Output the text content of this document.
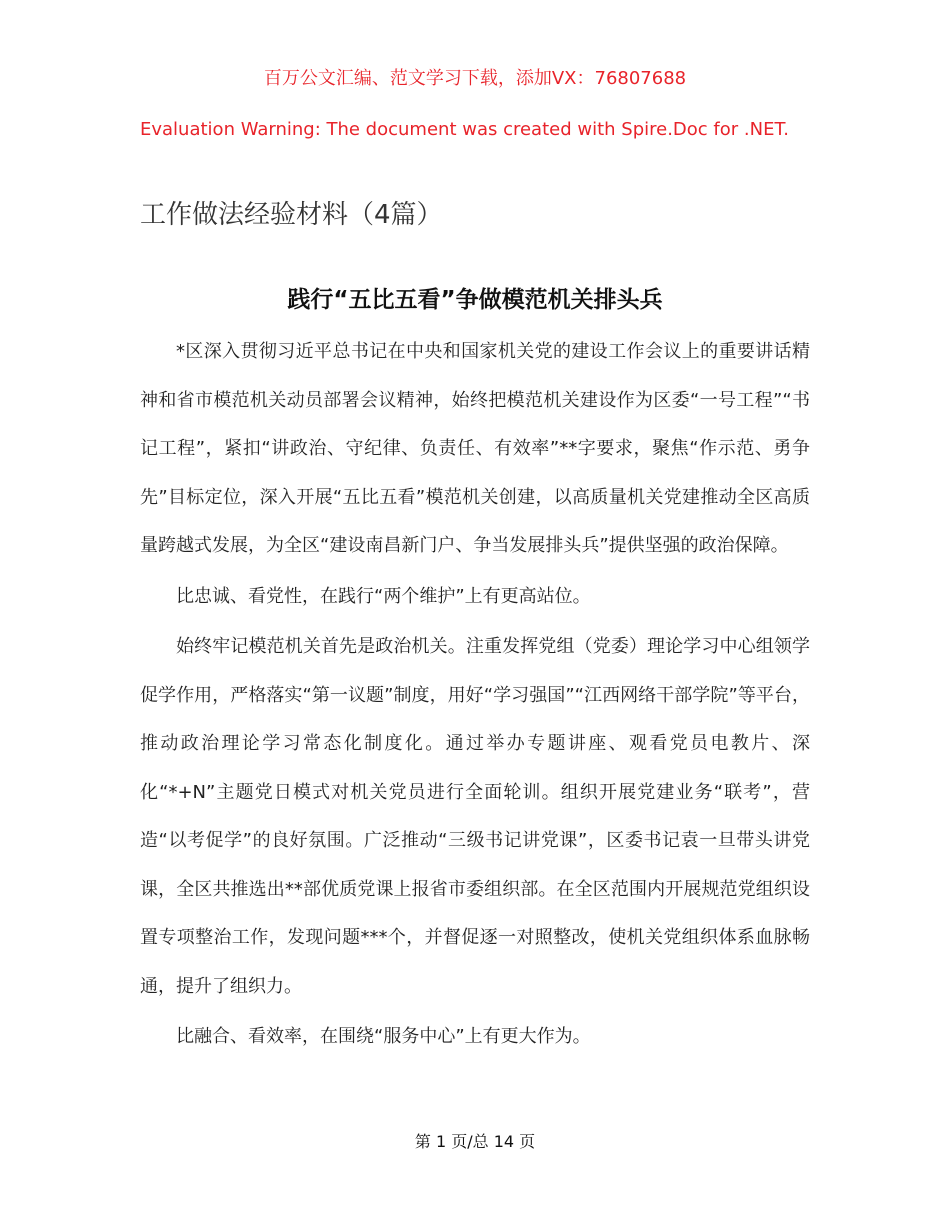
百万公文汇编、范文学习下载，添加VX：76807688
Evaluation Warning: The document was created with Spire.Doc for .NET.
工作做法经验材料（4篇）
践行“五比五看”争做模范机关排头兵

*区深入贯彻习近平总书记在中央和国家机关党的建设工作会议上的重要讲话精神和省市模范机关动员部署会议精神，始终把模范机关建设作为区委“一号工程”“书记工程”，紧扣“讲政治、守纪律、负责任、有效率”**字要求，聚焦“作示范、勇争先”目标定位，深入开展“五比五看”模范机关创建，以高质量机关党建推动全区高质量跨越式发展，为全区“建设南昌新门户、争当发展排头兵”提供坚强的政治保障。

比忠诚、看党性，在践行“两个维护”上有更高站位。

始终牢记模范机关首先是政治机关。注重发挥党组（党委）理论学习中心组领学促学作用，严格落实“第一议题”制度，用好“学习强国”“江西网络干部学院”等平台，推动政治理论学习常态化制度化。通过举办专题讲座、观看党员电教片、深化“*+N”主题党日模式对机关党员进行全面轮训。组织开展党建业务“联考”，营造“以考促学”的良好氛围。广泛推动“三级书记讲党课”，区委书记袁一旦带头讲党课，全区共推选出**部优质党课上报省市委组织部。在全区范围内开展规范党组织设置专项整治工作，发现问题***个，并督促逐一对照整改，使机关党组织体系血脉畅通，提升了组织力。

比融合、看效率，在围绕“服务中心”上有更大作为。

第 1 页/总 14 页
